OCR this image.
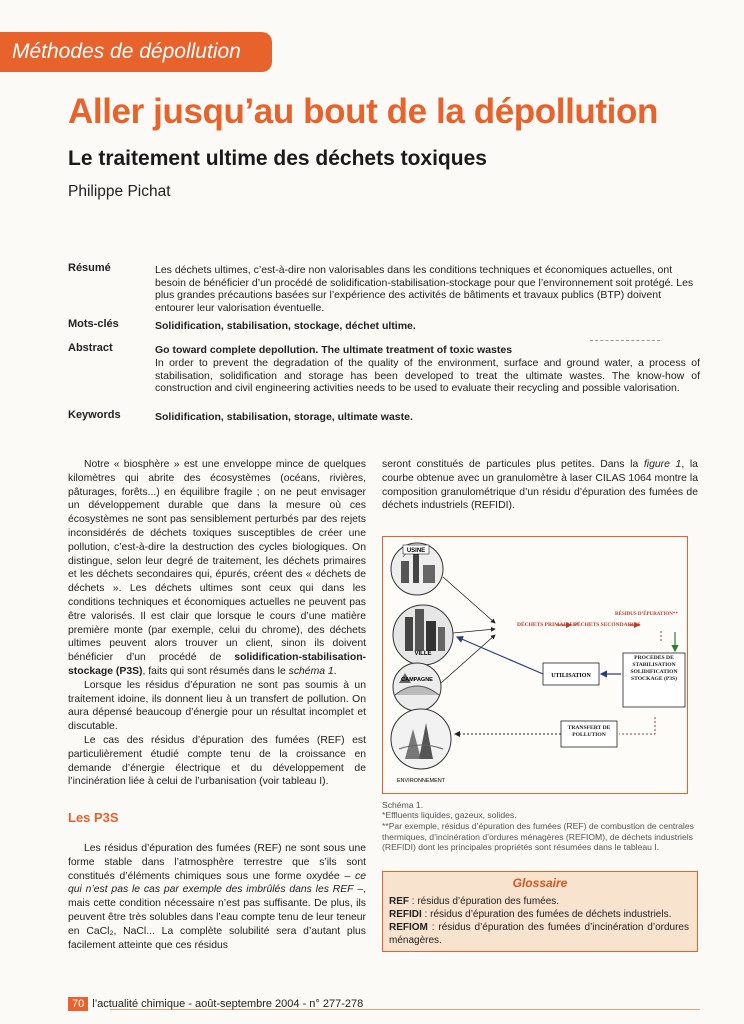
Méthodes de dépollution
Aller jusqu’au bout de la dépollution
Le traitement ultime des déchets toxiques
Philippe Pichat
Résumé	Les déchets ultimes, c’est-à-dire non valorisables dans les conditions techniques et économiques actuelles, ont besoin de bénéficier d’un procédé de solidification-stabilisation-stockage pour que l’environnement soit protégé. Les plus grandes précautions basées sur l’expérience des activités de bâtiments et travaux publics (BTP) doivent entourer leur valorisation éventuelle.
Mots-clés	Solidification, stabilisation, stockage, déchet ultime.
Abstract	Go toward complete depollution. The ultimate treatment of toxic wastes
In order to prevent the degradation of the quality of the environment, surface and ground water, a process of stabilisation, solidification and storage has been developed to treat the ultimate wastes. The know-how of construction and civil engineering activities needs to be used to evaluate their recycling and possible valorisation.
Keywords	Solidification, stabilisation, storage, ultimate waste.

Notre « biosphère » est une enveloppe mince de quelques kilomètres qui abrite des écosystèmes (océans, rivières, pâturages, forêts...) en équilibre fragile ; on ne peut envisager un développement durable que dans la mesure où ces écosystèmes ne sont pas sensiblement perturbés par des rejets inconsidérés de déchets toxiques susceptibles de créer une pollution, c’est-à-dire la destruction des cycles biologiques. On distingue, selon leur degré de traitement, les déchets primaires et les déchets secondaires qui, épurés, créent des « déchets de déchets ». Les déchets ultimes sont ceux qui dans les conditions techniques et économiques actuelles ne peuvent pas être valorisés. Il est clair que lorsque le cours d’une matière première monte (par exemple, celui du chrome), des déchets ultimes peuvent alors trouver un client, sinon ils doivent bénéficier d’un procédé de solidification-stabilisation-stockage (P3S), faits qui sont résumés dans le schéma 1.

Lorsque les résidus d’épuration ne sont pas soumis à un traitement idoine, ils donnent lieu à un transfert de pollution. On aura dépensé beaucoup d’énergie pour un résultat incomplet et discutable.

Le cas des résidus d’épuration des fumées (REF) est particulièrement étudié compte tenu de la croissance en demande d’énergie électrique et du développement de l’incinération liée à celui de l’urbanisation (voir tableau I).

Les P3S

Les résidus d’épuration des fumées (REF) ne sont sous une forme stable dans l’atmosphère terrestre que s’ils sont constitués d’éléments chimiques sous une forme oxydée – ce qui n’est pas le cas par exemple des imbrûlés dans les REF –, mais cette condition nécessaire n’est pas suffisante. De plus, ils peuvent être très solubles dans l’eau compte tenu de leur teneur en CaCl₂, NaCl... La complète solubilité sera d’autant plus facilement atteinte que ces résidus

seront constitués de particules plus petites. Dans la figure 1, la courbe obtenue avec un granulomètre à laser CILAS 1064 montre la composition granulométrique d’un résidu d’épuration des fumées de déchets industriels (REFIDI).

USINE
VILLE
CAMPAGNE
ENVIRONNEMENT
DÉCHETS PRIMAIRES*
DÉCHETS SECONDAIRES
RÉSIDUS D’ÉPURATION**
PROCÉDÉS DE STABILISATION SOLIDIFICATION STOCKAGE (P3S)
UTILISATION
TRANSFERT DE POLLUTION
Schéma 1.
*Effluents liquides, gazeux, solides.
**Par exemple, résidus d’épuration des fumées (REF) de combustion de centrales thermiques, d’incinération d’ordures ménagères (REFIOM), de déchets industriels (REFIDI) dont les principales propriétés sont résumées dans le tableau I.
Glossaire
REF : résidus d’épuration des fumées.
REFIDI : résidus d’épuration des fumées de déchets industriels.
REFIOM : résidus d’épuration des fumées d’incinération d’ordures ménagères.
70 l’actualité chimique - août-septembre 2004 - n° 277-278
